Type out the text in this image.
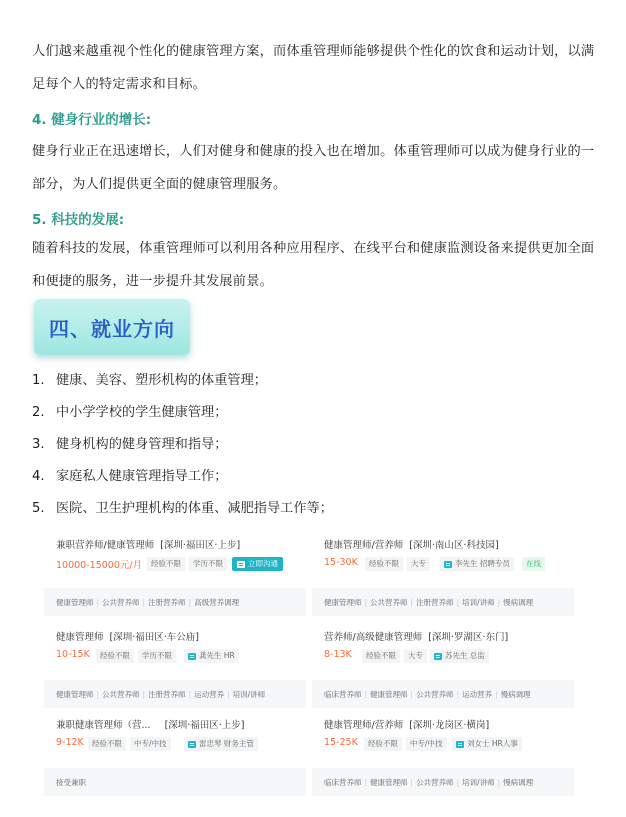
人们越来越重视个性化的健康管理方案，而体重管理师能够提供个性化的饮食和运动计划，以满足每个人的特定需求和目标。
4. 健身行业的增长:
健身行业正在迅速增长，人们对健身和健康的投入也在增加。体重管理师可以成为健身行业的一部分，为人们提供更全面的健康管理服务。
5. 科技的发展:
随着科技的发展，体重管理师可以利用各种应用程序、在线平台和健康监测设备来提供更加全面和便捷的服务，进一步提升其发展前景。
四、就业方向
1. 健康、美容、塑形机构的体重管理；
2. 中小学学校的学生健康管理；
3. 健身机构的健身管理和指导；
4. 家庭私人健康管理指导工作；
5. 医院、卫生护理机构的体重、减肥指导工作等；
兼职营养师/健康管理师 [深圳·福田区·上步]
10000-15000元/月	经验不限	学历不限	立即沟通
健康管理师 | 公共营养师 | 注册营养师 | 高级营养调理
健康管理师/营养师 [深圳·南山区·科技园]
15-30K	经验不限	大专	李先生 招聘专员	在线
健康管理师 | 公共营养师 | 注册营养师 | 培训/讲师 | 慢病调理
健康管理师 [深圳·福田区·车公庙]
10-15K	经验不限	学历不限	龚先生 HR
健康管理师 | 公共营养师 | 注册营养师 | 运动营养 | 培训/讲师
营养师/高级健康管理师 [深圳·罗湖区·东门]
8-13K	经验不限	大专	苏先生 总监
临床营养师 | 健康管理师 | 公共营养师 | 运动营养 | 慢病调理
兼职健康管理师（营... [深圳·福田区·上步]
9-12K	经验不限	中专/中技	雷忠琴 财务主管
接受兼职
健康管理师/营养师 [深圳·龙岗区·横岗]
15-25K	经验不限	中专/中技	刘女士 HR人事
临床营养师 | 健康管理师 | 公共营养师 | 培训/讲师 | 慢病调理
